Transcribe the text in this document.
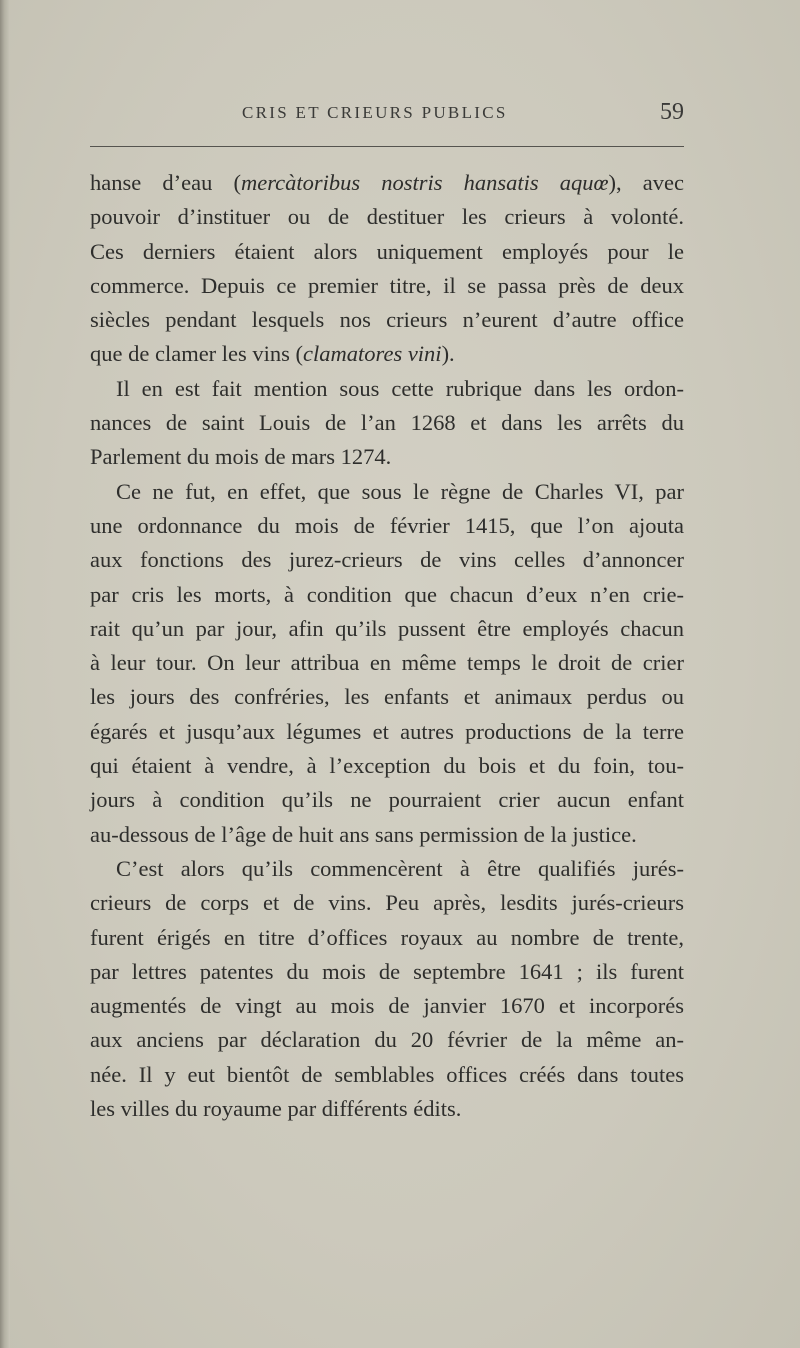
CRIS ET CRIEURS PUBLICS	59
hanse d’eau (mercàtoribus nostris hansatis aquœ), avec
pouvoir d’instituer ou de destituer les crieurs à volonté.
Ces derniers étaient alors uniquement employés pour le
commerce. Depuis ce premier titre, il se passa près de deux
siècles pendant lesquels nos crieurs n’eurent d’autre office
que de clamer les vins (clamatores vini).
Il en est fait mention sous cette rubrique dans les ordon-
nances de saint Louis de l’an 1268 et dans les arrêts du
Parlement du mois de mars 1274.
Ce ne fut, en effet, que sous le règne de Charles VI, par
une ordonnance du mois de février 1415, que l’on ajouta
aux fonctions des jurez-crieurs de vins celles d’annoncer
par cris les morts, à condition que chacun d’eux n’en crie-
rait qu’un par jour, afin qu’ils pussent être employés chacun
à leur tour. On leur attribua en même temps le droit de crier
les jours des confréries, les enfants et animaux perdus ou
égarés et jusqu’aux légumes et autres productions de la terre
qui étaient à vendre, à l’exception du bois et du foin, tou-
jours à condition qu’ils ne pourraient crier aucun enfant
au-dessous de l’âge de huit ans sans permission de la justice.
C’est alors qu’ils commencèrent à être qualifiés jurés-
crieurs de corps et de vins. Peu après, lesdits jurés-crieurs
furent érigés en titre d’offices royaux au nombre de trente,
par lettres patentes du mois de septembre 1641 ; ils furent
augmentés de vingt au mois de janvier 1670 et incorporés
aux anciens par déclaration du 20 février de la même an-
née. Il y eut bientôt de semblables offices créés dans toutes
les villes du royaume par différents édits.
